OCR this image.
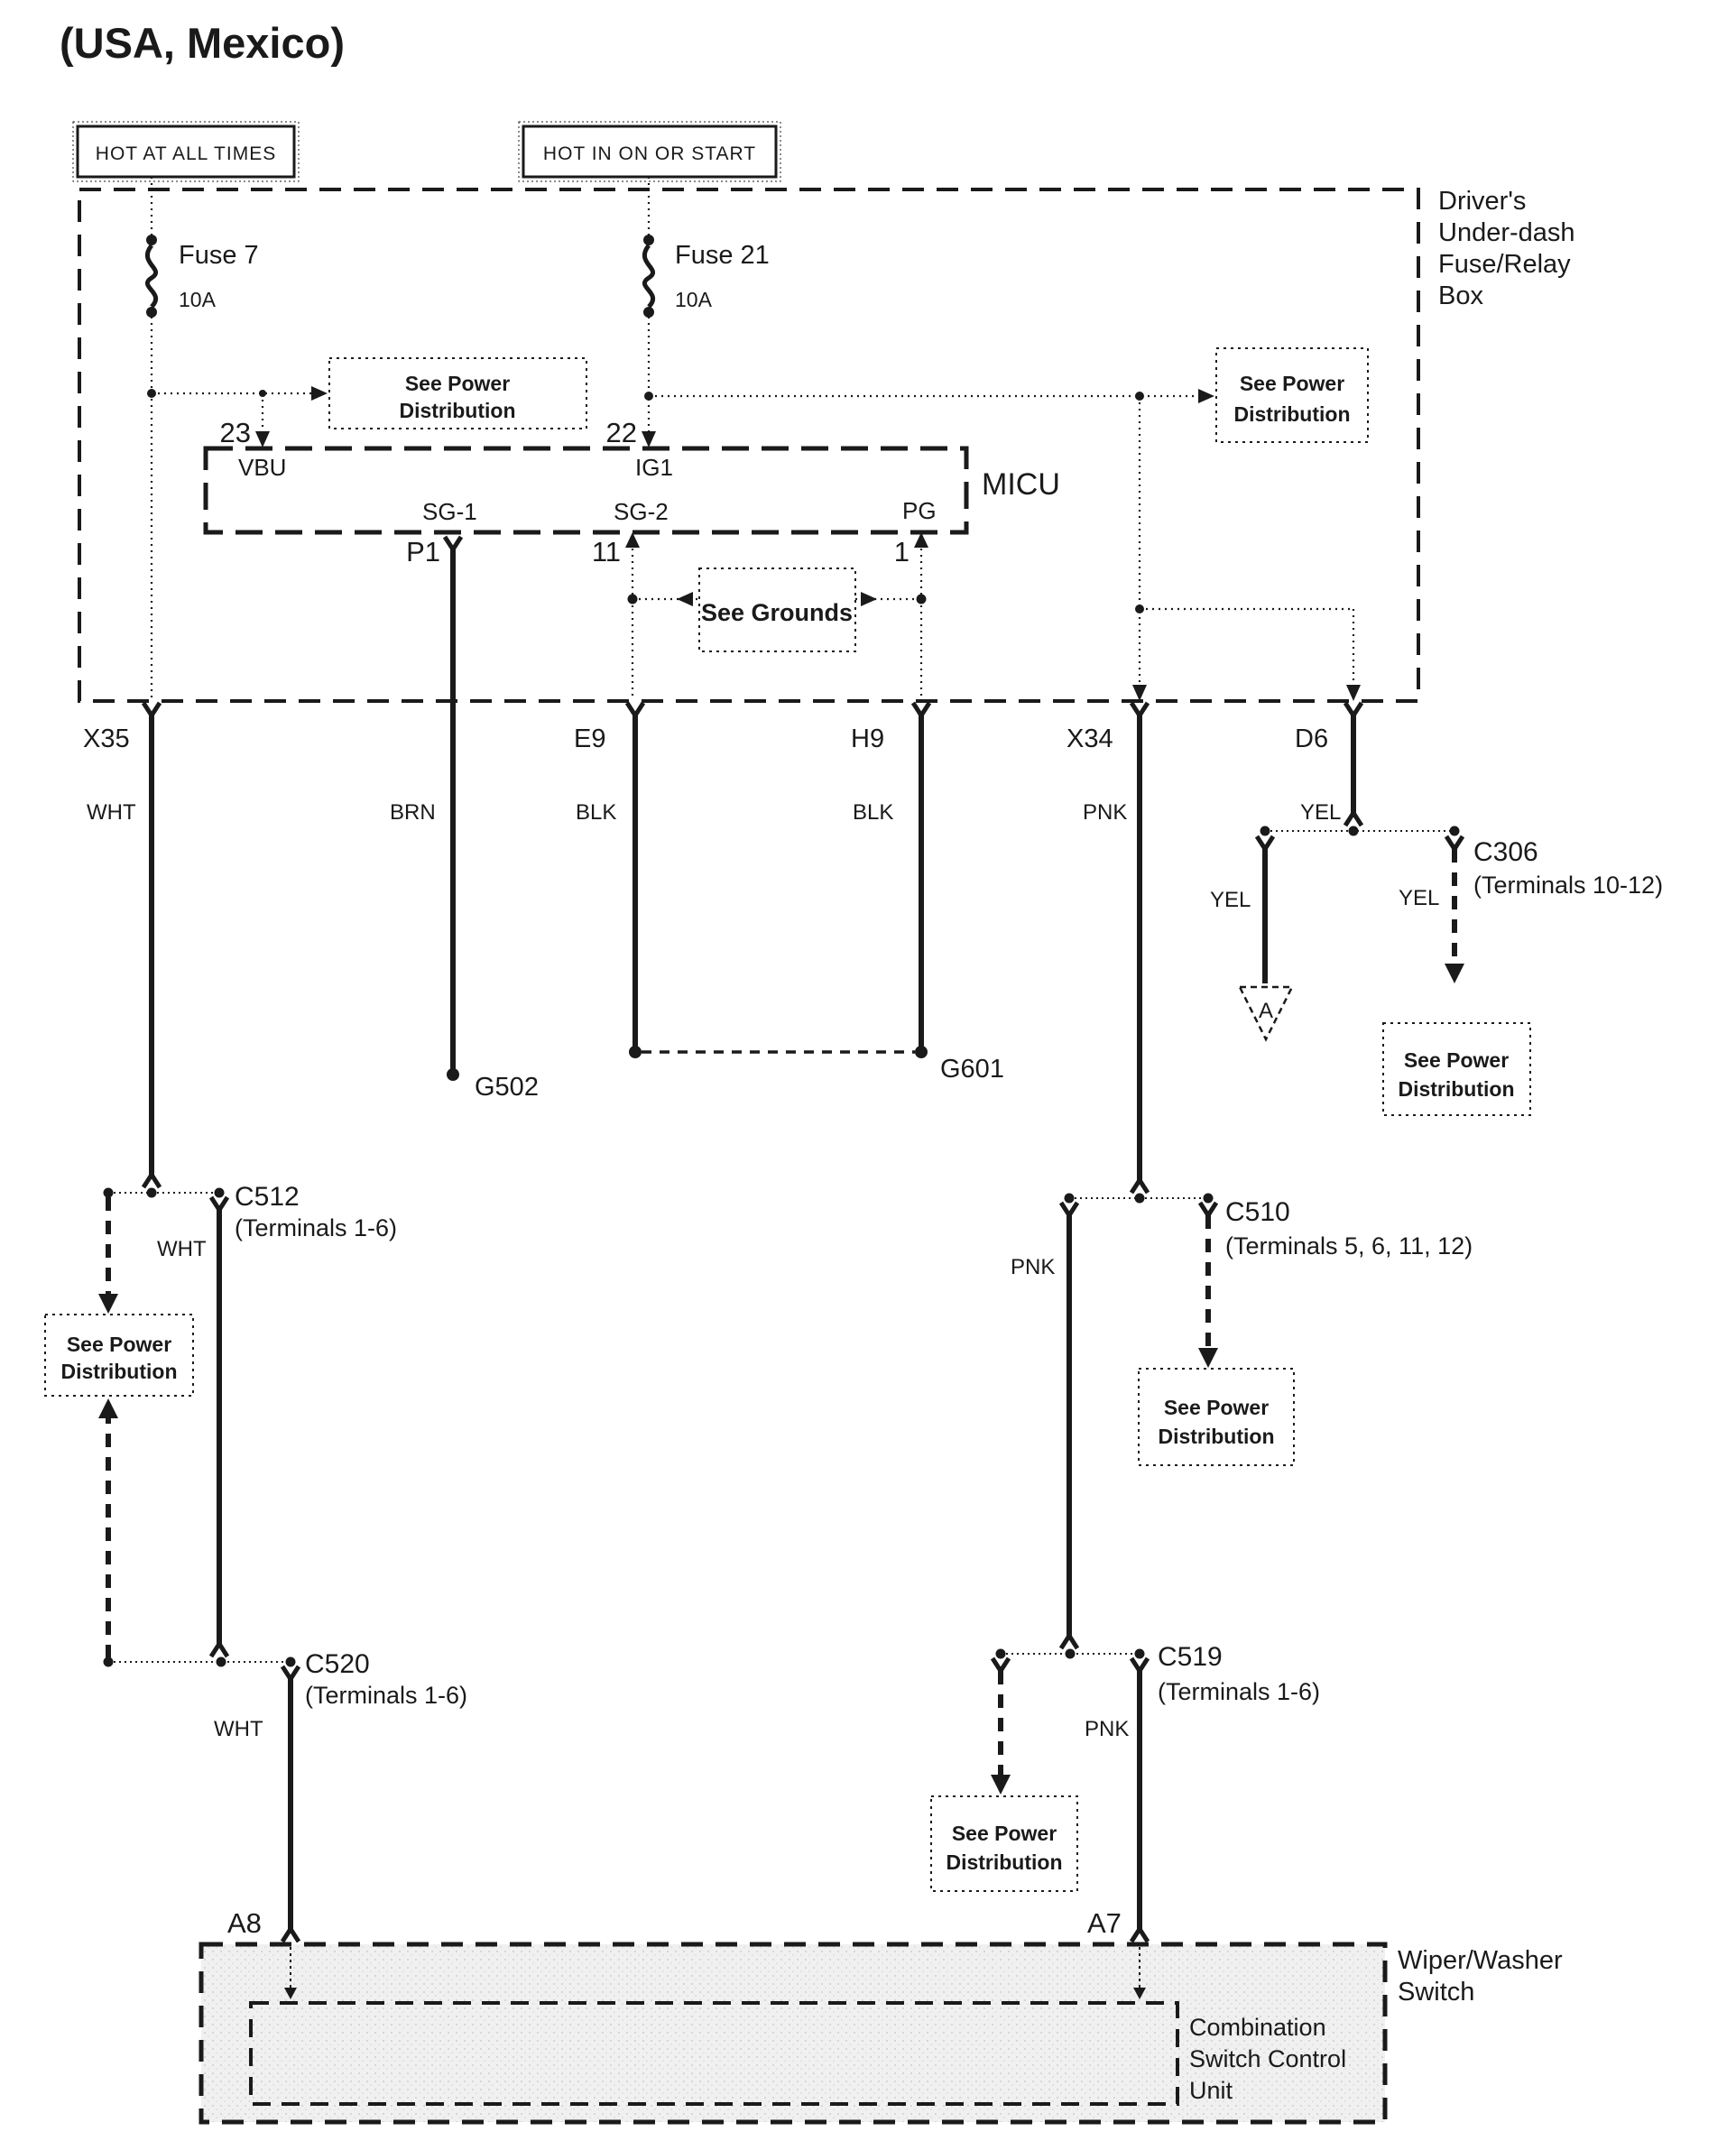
(USA, Mexico)
HOT AT ALL TIMES	HOT IN ON OR START
Driver's
Under-dash
Fuse/Relay
Box
Fuse 7
10A
23
Fuse 21
10A
22
See Power
Distribution
See Power
Distribution
MICU
VBU	IG1
SG-1	SG-2	PG
P1	11	1
See Grounds
X35	E9	H9	X34	D6
WHT	BRN	BLK	BLK	PNK	YEL
G502
G601
C306
(Terminals 10-12)
YEL
A
YEL
See Power
Distribution
C512
(Terminals 1-6)
See Power
Distribution
WHT
C510
(Terminals 5, 6, 11, 12)
PNK
See Power
Distribution
C520
(Terminals 1-6)
WHT
C519
(Terminals 1-6)
See Power
Distribution
PNK
A8	A7
Wiper/Washer
Switch
Combination
Switch Control
Unit
